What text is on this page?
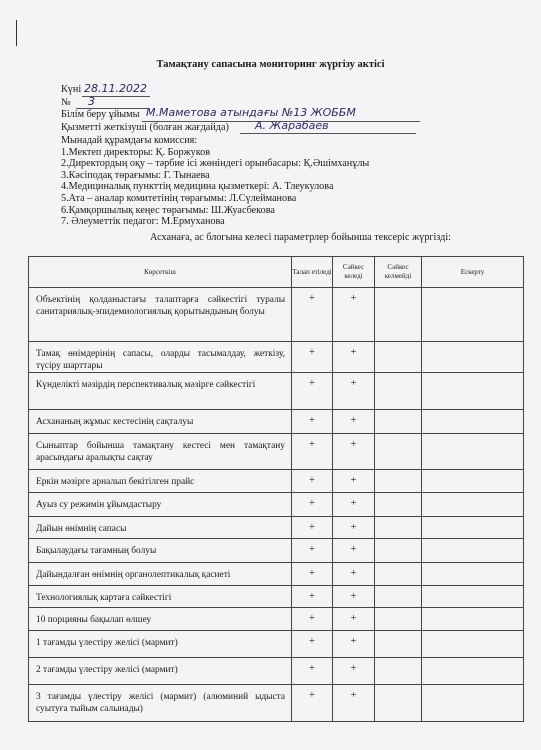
Тамақтану сапасына мониторинг жүргізу актісі
Күні 28.11.2022
№ 3
Білім беру ұйымы М.Маметова атындағы №13 ЖОББМ
Қызметті жеткізуші (болған жағдайда) А. Жарабаев
Мынадай құрамдағы комиссия:
1.Мектеп директоры: Қ. Боржуков
2.Директордың оқу – тәрбие ісі жөніндегі орынбасары: Қ.Әшімханұлы
3.Кәсіподақ төрағымы: Г. Тынаева
4.Медициналық пункттің медицина қызметкері: А. Тлеукулова
5.Ата – аналар комитетінің төрағымы: Л.Сүлейманова
6.Қамқоршылық кеңес төрағымы: Ш.Жуасбекова
7. Әлеуметтік педагог: М.Ермуханова
Асханаға, ас блогына келесі параметрлер бойынша тексеріс жүргізді:
Көрсеткіш	Талап етіледі	Сәйкес келеді	Сәйкес келмейді	Ескерту
Объектінің қолданыстағы талаптарға сәйкестігі туралы санитариялық-эпидемиологиялық қорытындының болуы	+	+		
Тамақ өнімдерінің сапасы, оларды тасымалдау, жеткізу, түсіру шарттары	+	+		
Күнделікті мәзірдің перспективалық мәзірге сәйкестігі	+	+		
Асхананың жұмыс кестесінің сақталуы	+	+		
Сыныптар бойынша тамақтану кестесі мен тамақтану арасындағы аралықты сақтау	+	+		
Еркін мәзірге арналып бекітілген прайс	+	+		
Ауыз су режимін ұйымдастыру	+	+		
Дайын өнімнің сапасы	+	+		
Бақылаудағы тағамның болуы	+	+		
Дайындалған өнімнің органолептикалық қасиеті	+	+		
Технологиялық картаға сәйкестігі	+	+		
10 порцияны бақылап өлшеу	+	+		
1 тағамды үлестіру желісі (мармит)	+	+		
2 тағамды үлестіру желісі (мармит)	+	+		
3 тағамды үлестіру желісі (мармит) (алюминий ыдыста суытуға тыйым салынады)	+	+		
